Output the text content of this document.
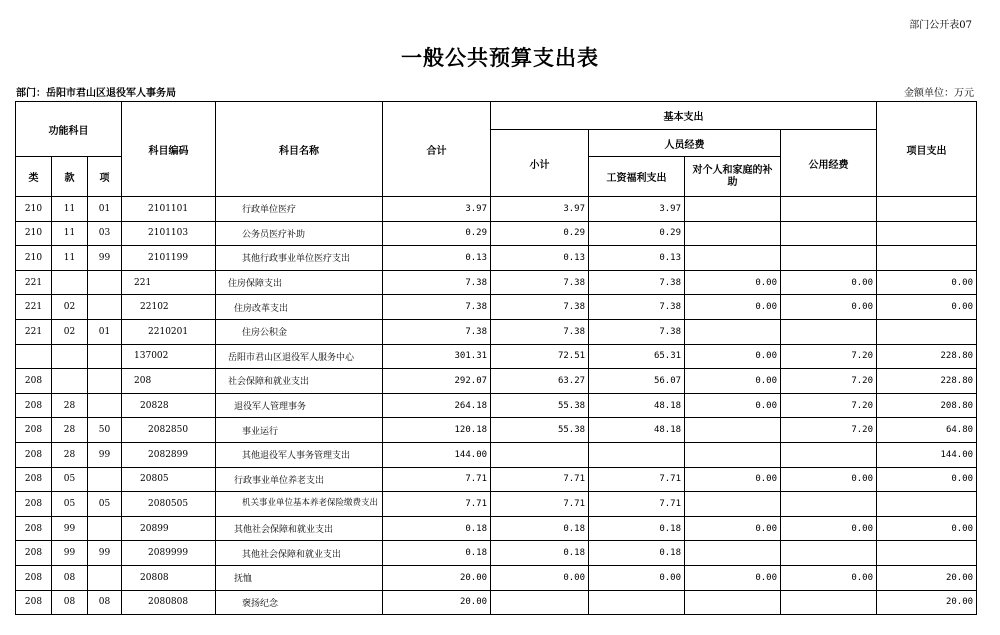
部门公开表07
一般公共预算支出表
部门：岳阳市君山区退役军人事务局	金额单位：万元
功能科目			科目编码	科目名称	合计	基本支出				项目支出
						小计	人员经费		公用经费	
类	款	项					工资福利支出	对个人和家庭的补助		
210	11	01	2101101	行政单位医疗	3.97	3.97	3.97			
210	11	03	2101103	公务员医疗补助	0.29	0.29	0.29			
210	11	99	2101199	其他行政事业单位医疗支出	0.13	0.13	0.13			
221			221	住房保障支出	7.38	7.38	7.38	0.00	0.00	0.00
221	02		22102	住房改革支出	7.38	7.38	7.38	0.00	0.00	0.00
221	02	01	2210201	住房公积金	7.38	7.38	7.38			
			137002	岳阳市君山区退役军人服务中心	301.31	72.51	65.31	0.00	7.20	228.80
208			208	社会保障和就业支出	292.07	63.27	56.07	0.00	7.20	228.80
208	28		20828	退役军人管理事务	264.18	55.38	48.18	0.00	7.20	208.80
208	28	50	2082850	事业运行	120.18	55.38	48.18		7.20	64.80
208	28	99	2082899	其他退役军人事务管理支出	144.00					144.00
208	05		20805	行政事业单位养老支出	7.71	7.71	7.71	0.00	0.00	0.00
208	05	05	2080505	机关事业单位基本养老保险缴费支出	7.71	7.71	7.71			
208	99		20899	其他社会保障和就业支出	0.18	0.18	0.18	0.00	0.00	0.00
208	99	99	2089999	其他社会保障和就业支出	0.18	0.18	0.18			
208	08		20808	抚恤	20.00	0.00	0.00	0.00	0.00	20.00
208	08	08	2080808	褒扬纪念	20.00					20.00
